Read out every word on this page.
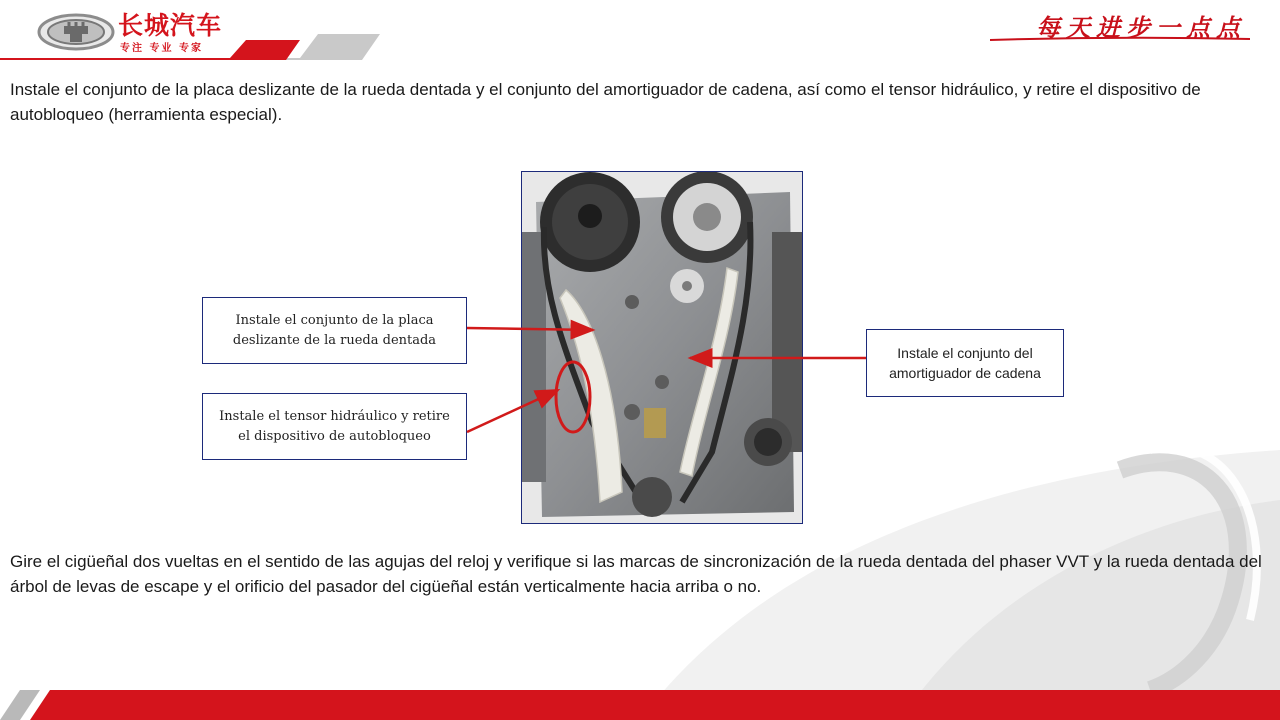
长城汽车
专注 专业 专家
每天进步一点点

Instale el conjunto de la placa deslizante de la rueda dentada y el conjunto del amortiguador de cadena, así como el tensor hidráulico, y retire el dispositivo de autobloqueo (herramienta especial).

Gire el cigüeñal dos vueltas en el sentido de las agujas del reloj y verifique si las marcas de sincronización de la rueda dentada del phaser VVT y la rueda dentada del árbol de levas de escape y el orificio del pasador del cigüeñal están verticalmente hacia arriba o no.

Instale el conjunto de la placa
deslizante de la rueda dentada
Instale el tensor hidráulico y retire
el dispositivo de autobloqueo
Instale el conjunto del
amortiguador de cadena
